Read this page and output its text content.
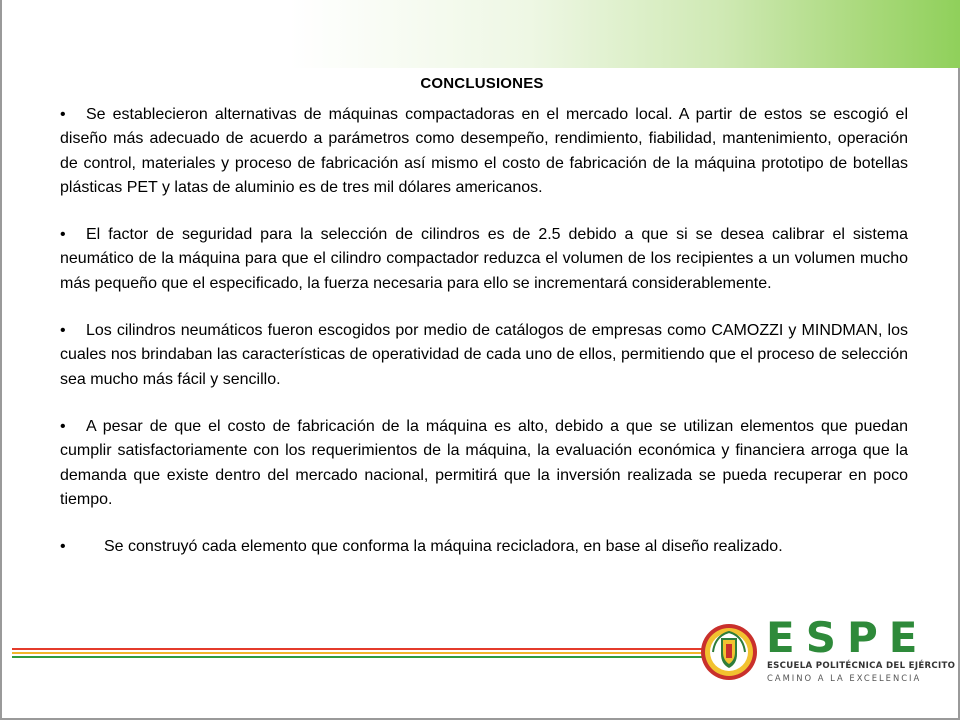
CONCLUSIONES

• Se establecieron alternativas de máquinas compactadoras en el mercado local. A partir de estos se escogió el diseño más adecuado de acuerdo a parámetros como desempeño, rendimiento, fiabilidad, mantenimiento, operación de control, materiales y proceso de fabricación así mismo el costo de fabricación de la máquina prototipo de botellas plásticas PET y latas de aluminio es de tres mil dólares americanos.

• El factor de seguridad para la selección de cilindros es de 2.5 debido a que si se desea calibrar el sistema neumático de la máquina para que el cilindro compactador reduzca el volumen de los recipientes a un volumen mucho más pequeño que el especificado, la fuerza necesaria para ello se incrementará considerablemente.

• Los cilindros neumáticos fueron escogidos por medio de catálogos de empresas como CAMOZZI y MINDMAN, los cuales nos brindaban las características de operatividad de cada uno de ellos, permitiendo que el proceso de selección sea mucho más fácil y sencillo.

• A pesar de que el costo de fabricación de la máquina es alto, debido a que se utilizan elementos que puedan cumplir satisfactoriamente con los requerimientos de la máquina, la evaluación económica y financiera arroga que la demanda que existe dentro del mercado nacional, permitirá que la inversión realizada se pueda recuperar en poco tiempo.

• Se construyó cada elemento que conforma la máquina recicladora, en base al diseño realizado.

ESPE
ESCUELA POLITÉCNICA DEL EJÉRCITO
CAMINO A LA EXCELENCIA
